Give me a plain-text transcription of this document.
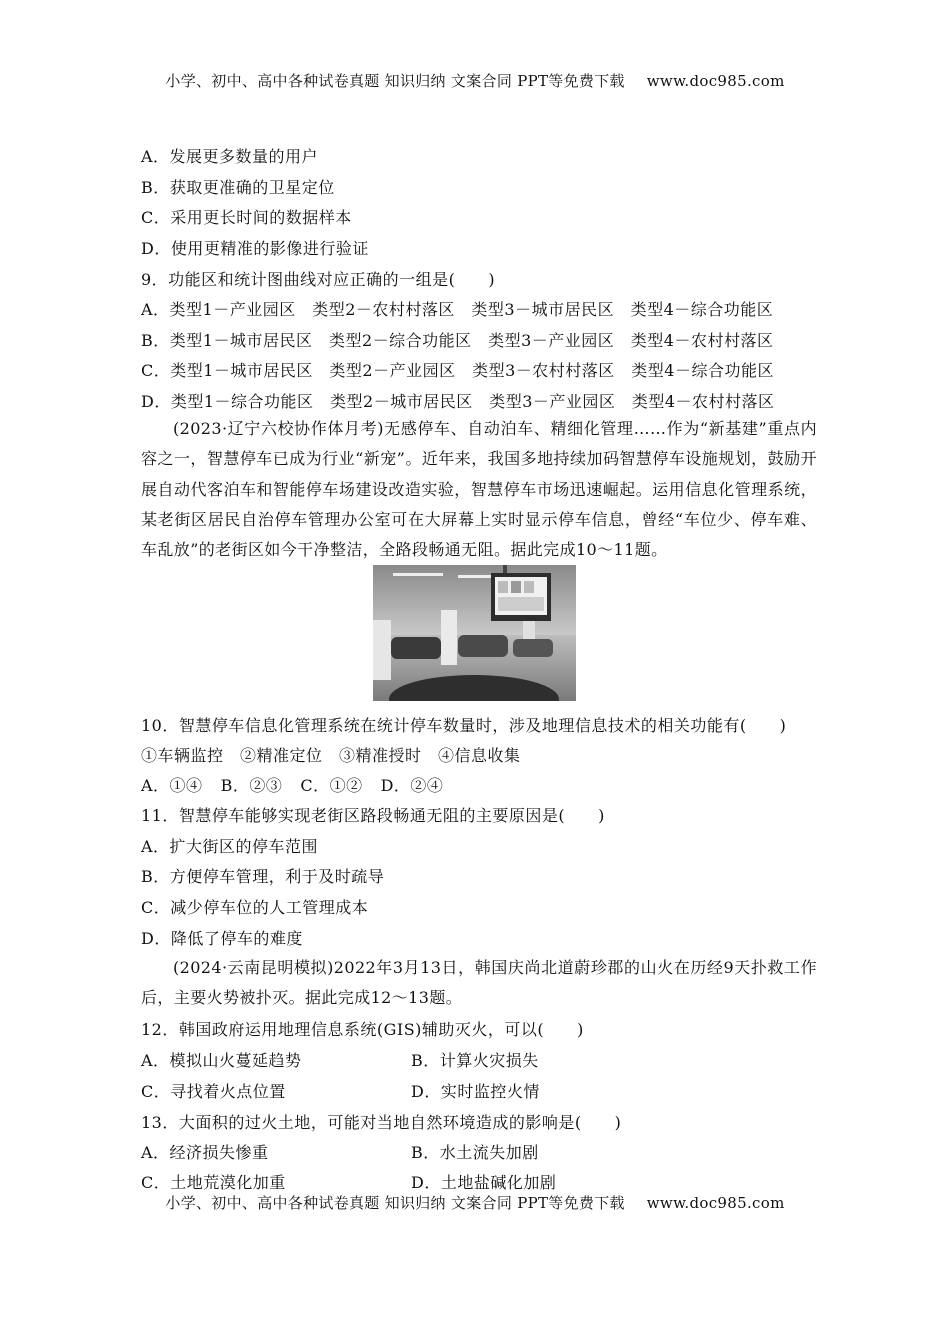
小学、初中、高中各种试卷真题 知识归纳 文案合同 PPT等免费下载 www.doc985.com
A．发展更多数量的用户
B．获取更准确的卫星定位
C．采用更长时间的数据样本
D．使用更精准的影像进行验证
9．功能区和统计图曲线对应正确的一组是(　　)
A．类型1－产业园区　类型2－农村村落区　类型3－城市居民区　类型4－综合功能区
B．类型1－城市居民区　类型2－综合功能区　类型3－产业园区　类型4－农村村落区
C．类型1－城市居民区　类型2－产业园区　类型3－农村村落区　类型4－综合功能区
D．类型1－综合功能区　类型2－城市居民区　类型3－产业园区　类型4－农村村落区

(2023·辽宁六校协作体月考)无感停车、自动泊车、精细化管理……作为“新基建”重点内容之一，智慧停车已成为行业“新宠”。近年来，我国多地持续加码智慧停车设施规划，鼓励开展自动代客泊车和智能停车场建设改造实验，智慧停车市场迅速崛起。运用信息化管理系统，某老街区居民自治停车管理办公室可在大屏幕上实时显示停车信息，曾经“车位少、停车难、车乱放”的老街区如今干净整洁，全路段畅通无阻。据此完成10～11题。

10．智慧停车信息化管理系统在统计停车数量时，涉及地理信息技术的相关功能有(　　)
①车辆监控　②精准定位　③精准授时　④信息收集
A．①④ B．②③ C．①② D．②④
11．智慧停车能够实现老街区路段畅通无阻的主要原因是(　　)
A．扩大街区的停车范围
B．方便停车管理，利于及时疏导
C．减少停车位的人工管理成本
D．降低了停车的难度

(2024·云南昆明模拟)2022年3月13日，韩国庆尚北道蔚珍郡的山火在历经9天扑救工作后，主要火势被扑灭。据此完成12～13题。

12．韩国政府运用地理信息系统(GIS)辅助灭火，可以(　　)
A．模拟山火蔓延趋势	B．计算火灾损失
C．寻找着火点位置	D．实时监控火情
13．大面积的过火土地，可能对当地自然环境造成的影响是(　　)
A．经济损失惨重	B．水土流失加剧
C．土地荒漠化加重	D．土地盐碱化加剧
小学、初中、高中各种试卷真题 知识归纳 文案合同 PPT等免费下载 www.doc985.com
